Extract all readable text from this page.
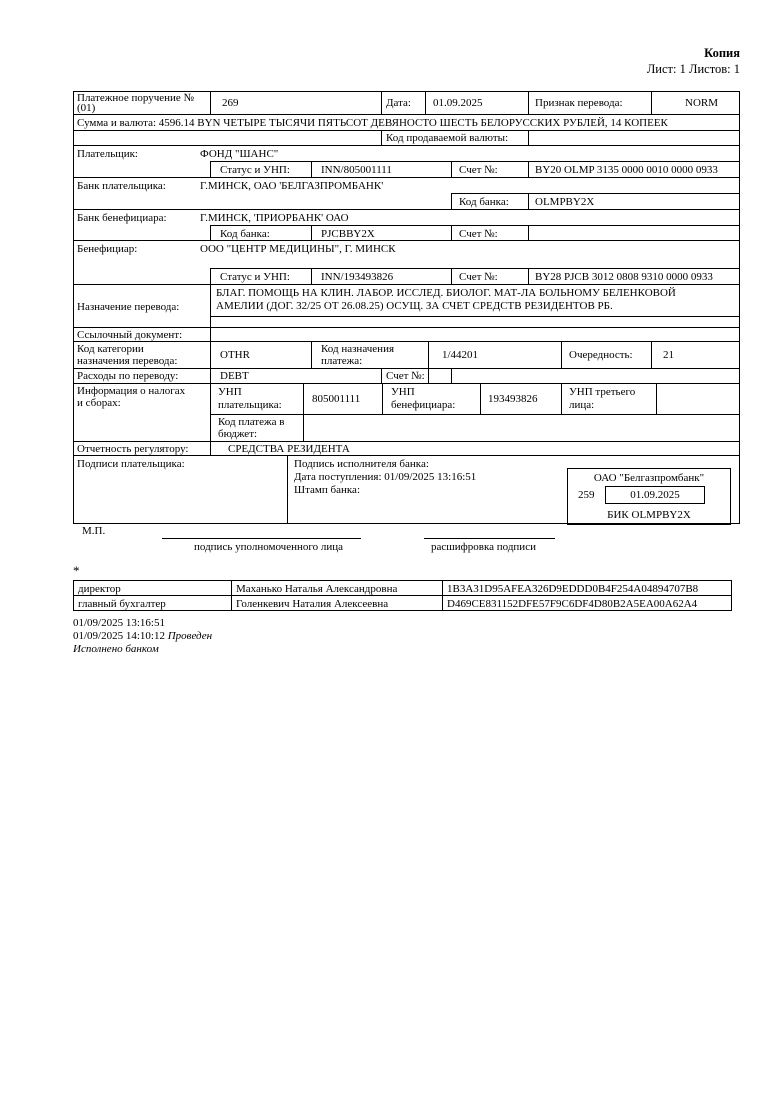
Копия
Лист: 1 Листов: 1
Платежное поручение №
(01)	269	Дата: 01.09.2025	Признак перевода:	NORM
Сумма и валюта: 4596.14 BYN ЧЕТЫРЕ ТЫСЯЧИ ПЯТЬСОТ ДЕВЯНОСТО ШЕСТЬ БЕЛОРУССКИХ РУБЛЕЙ, 14 КОПЕЕК
Код продаваемой валюты:
Плательщик:	ФОНД "ШАНС"
Статус и УНП:	INN/805001111	Счет №:	BY20 OLMP 3135 0000 0010 0000 0933
Банк плательщика:	Г.МИНСК, ОАО 'БЕЛГАЗПРОМБАНК'
Код банка: OLMPBY2X
Банк бенефициара:	Г.МИНСК, 'ПРИОРБАНК' ОАО
Код банка:	PJCBBY2X	Счет №:
Бенефициар:	ООО "ЦЕНТР МЕДИЦИНЫ", Г. МИНСК
Статус и УНП:	INN/193493826	Счет №:	BY28 PJCB 3012 0808 9310 0000 0933
Назначение перевода:
БЛАГ. ПОМОЩЬ НА КЛИН. ЛАБОР. ИССЛЕД. БИОЛОГ. МАТ-ЛА БОЛЬНОМУ БЕЛЕНКОВОЙ
АМЕЛИИ (ДОГ. 32/25 ОТ 26.08.25) ОСУЩ. ЗА СЧЕТ СРЕДСТВ РЕЗИДЕНТОВ РБ.
Ссылочный документ:
Код категории
назначения перевода:	OTHR	Код назначения
платежа:	1/44201	Очередность:	21
Расходы по переводу:	DEBT	Счет №:
Информация о налогах
и сборах:
УНП
плательщика:	805001111
УНП
бенефициара:	193493826
УНП третьего
лица:
Код платежа в
бюджет:
Отчетность регулятору:	СРЕДСТВА РЕЗИДЕНТА
Подписи плательщика:	Подпись исполнителя банка:
Дата поступления: 01/09/2025 13:16:51
Штамп банка:
ОАО "Белгазпромбанк"
259	01.09.2025
БИК OLMPBY2X
М.П.
подпись уполномоченного лица	расшифровка подписи
*
директор	Маханько Наталья Александровна	1B3A31D95AFEA326D9EDDD0B4F254A04894707B8
главный бухгалтер	Голенкевич Наталия Алексеевна	D469CE831152DFE57F9C6DF4D80B2A5EA00A62A4
01/09/2025 13:16:51
01/09/2025 14:10:12 Проведен
Исполнено банком
